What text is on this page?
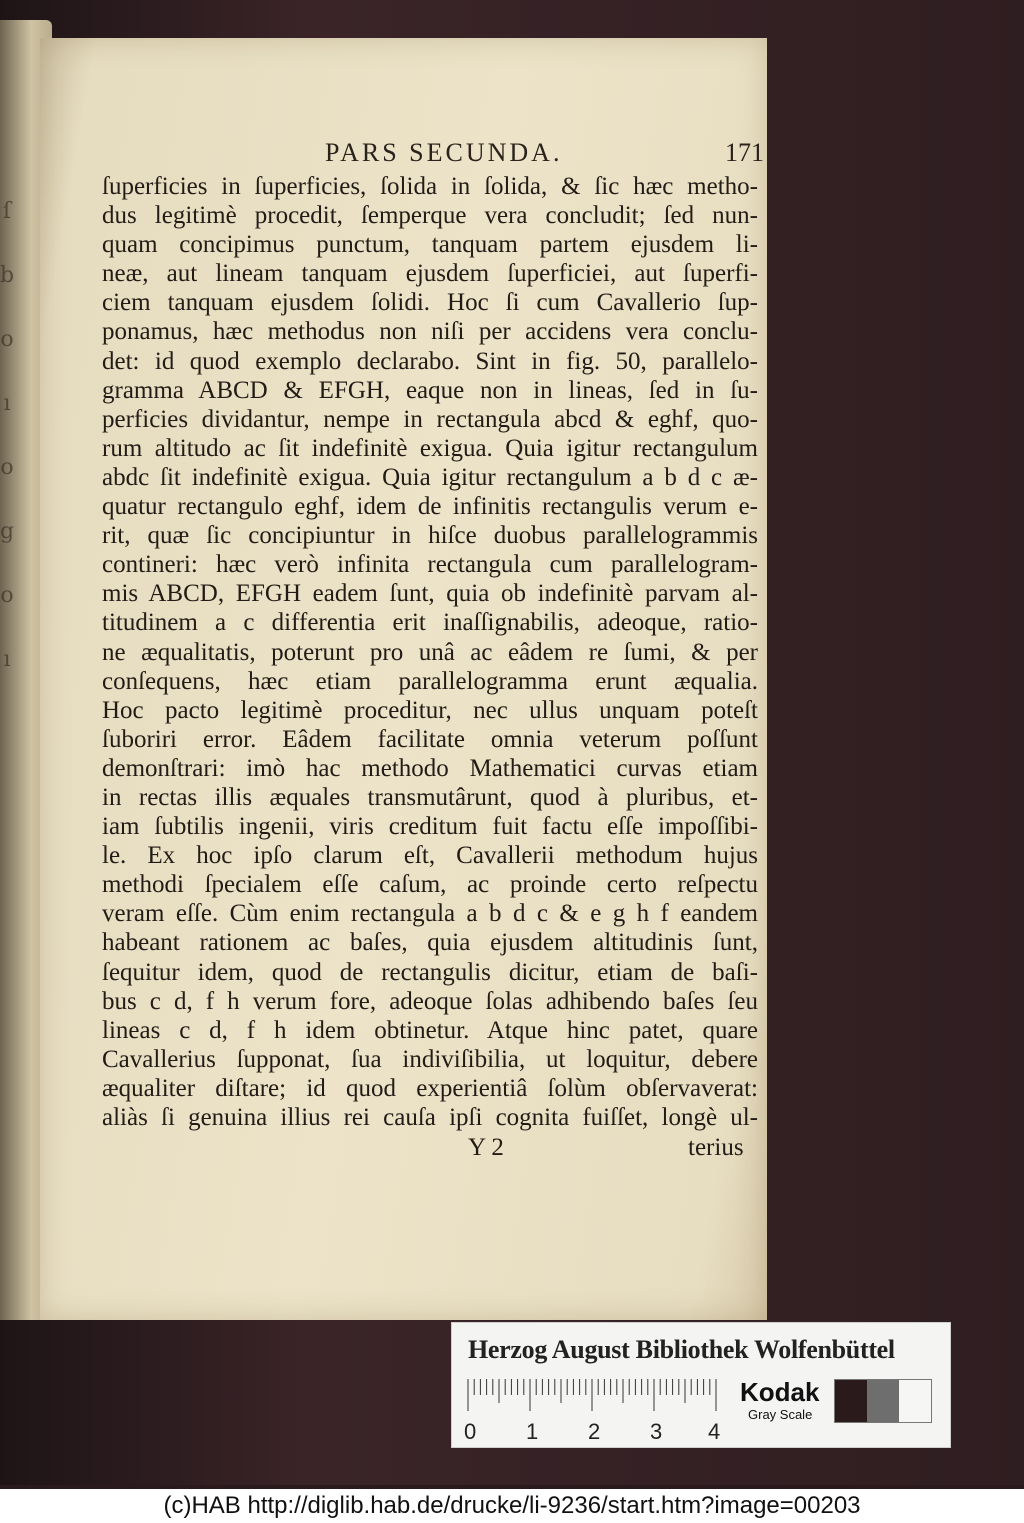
ſ
b
o
ı
o
g
o
ı
PARS SECUNDA.	171
ſuperficies in ſuperficies, ſolida in ſolida, & ſic hæc metho-
dus legitimè procedit, ſemperque vera concludit; ſed nun-
quam concipimus punctum, tanquam partem ejusdem li-
neæ, aut lineam tanquam ejusdem ſuperficiei, aut ſuperfi-
ciem tanquam ejusdem ſolidi. Hoc ſi cum Cavallerio ſup-
ponamus, hæc methodus non niſi per accidens vera conclu-
det: id quod exemplo declarabo. Sint in fig. 50, parallelo-
gramma ABCD & EFGH, eaque non in lineas, ſed in ſu-
perficies dividantur, nempe in rectangula abcd & eghf, quo-
rum altitudo ac ſit indefinitè exigua. Quia igitur rectangulum
abdc ſit indefinitè exigua. Quia igitur rectangulum a b d c æ-
quatur rectangulo eghf, idem de infinitis rectangulis verum e-
rit, quæ ſic concipiuntur in hiſce duobus parallelogrammis
contineri: hæc verò infinita rectangula cum parallelogram-
mis ABCD, EFGH eadem ſunt, quia ob indefinitè parvam al-
titudinem a c differentia erit inaſſignabilis, adeoque, ratio-
ne æqualitatis, poterunt pro unâ ac eâdem re ſumi, & per
conſequens, hæc etiam parallelogramma erunt æqualia.
Hoc pacto legitimè proceditur, nec ullus unquam poteſt
ſuboriri error. Eâdem facilitate omnia veterum poſſunt
demonſtrari: imò hac methodo Mathematici curvas etiam
in rectas illis æquales transmutârunt, quod à pluribus, et-
iam ſubtilis ingenii, viris creditum fuit factu eſſe impoſſibi-
le. Ex hoc ipſo clarum eſt, Cavallerii methodum hujus
methodi ſpecialem eſſe caſum, ac proinde certo reſpectu
veram eſſe. Cùm enim rectangula a b d c & e g h f eandem
habeant rationem ac baſes, quia ejusdem altitudinis ſunt,
ſequitur idem, quod de rectangulis dicitur, etiam de baſi-
bus c d, f h verum fore, adeoque ſolas adhibendo baſes ſeu
lineas c d, f h idem obtinetur. Atque hinc patet, quare
Cavallerius ſupponat, ſua indiviſibilia, ut loquitur, debere
æqualiter diſtare; id quod experientiâ ſolùm obſervaverat:
aliàs ſi genuina illius rei cauſa ipſi cognita fuiſſet, longè ul-
Y 2	terius
Herzog August Bibliothek Wolfenbüttel
0 1 2 3 4
Kodak
Gray Scale
(c)HAB http://diglib.hab.de/drucke/li-9236/start.htm?image=00203
